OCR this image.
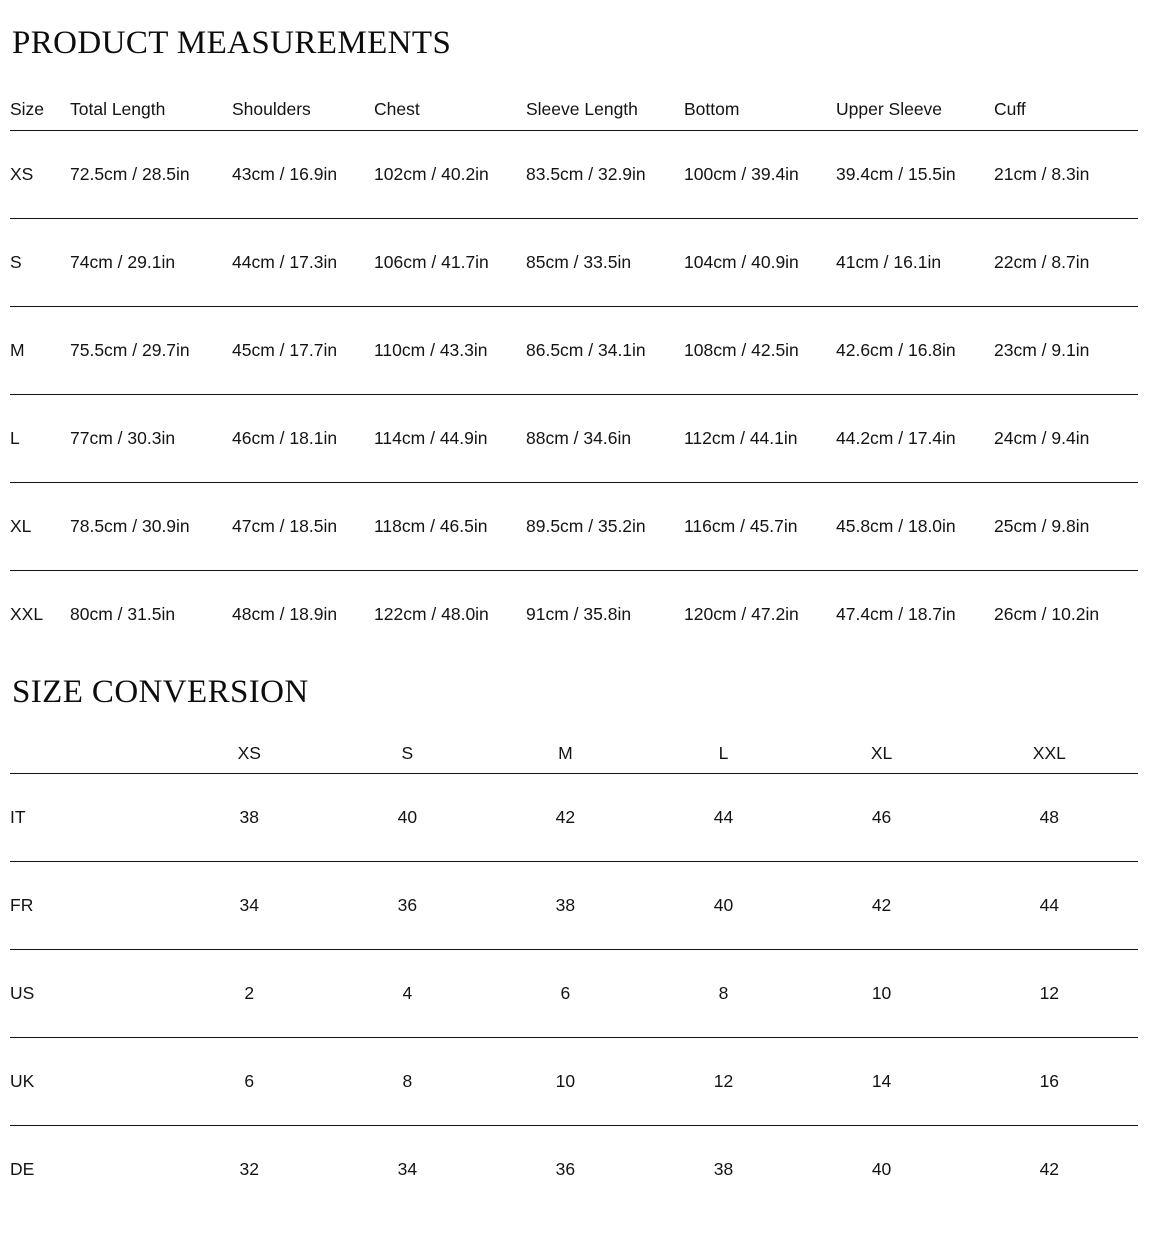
PRODUCT MEASUREMENTS
Size	Total Length	Shoulders	Chest	Sleeve Length	Bottom	Upper Sleeve	Cuff
XS	72.5cm / 28.5in	43cm / 16.9in	102cm / 40.2in	83.5cm / 32.9in	100cm / 39.4in	39.4cm / 15.5in	21cm / 8.3in
S	74cm / 29.1in	44cm / 17.3in	106cm / 41.7in	85cm / 33.5in	104cm / 40.9in	41cm / 16.1in	22cm / 8.7in
M	75.5cm / 29.7in	45cm / 17.7in	110cm / 43.3in	86.5cm / 34.1in	108cm / 42.5in	42.6cm / 16.8in	23cm / 9.1in
L	77cm / 30.3in	46cm / 18.1in	114cm / 44.9in	88cm / 34.6in	112cm / 44.1in	44.2cm / 17.4in	24cm / 9.4in
XL	78.5cm / 30.9in	47cm / 18.5in	118cm / 46.5in	89.5cm / 35.2in	116cm / 45.7in	45.8cm / 18.0in	25cm / 9.8in
XXL	80cm / 31.5in	48cm / 18.9in	122cm / 48.0in	91cm / 35.8in	120cm / 47.2in	47.4cm / 18.7in	26cm / 10.2in
SIZE CONVERSION
	XS	S	M	L	XL	XXL
IT	38	40	42	44	46	48
FR	34	36	38	40	42	44
US	2	4	6	8	10	12
UK	6	8	10	12	14	16
DE	32	34	36	38	40	42
